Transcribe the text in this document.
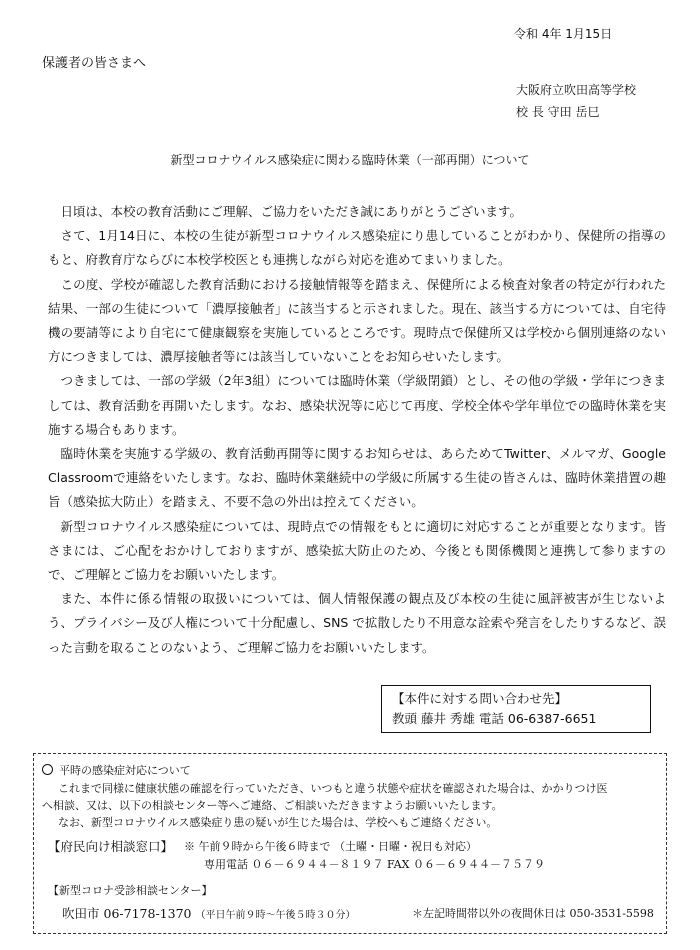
令和 4年 1月15日
保護者の皆さまへ
大阪府立吹田高等学校
校 長 守田 岳巳
新型コロナウイルス感染症に関わる臨時休業（一部再開）について

日頃は、本校の教育活動にご理解、ご協力をいただき誠にありがとうございます。

さて、1月14日に、本校の生徒が新型コロナウイルス感染症にり患していることがわかり、保健所の指導のもと、府教育庁ならびに本校学校医とも連携しながら対応を進めてまいりました。

この度、学校が確認した教育活動における接触情報等を踏まえ、保健所による検査対象者の特定が行われた結果、一部の生徒について「濃厚接触者」に該当すると示されました。現在、該当する方については、自宅待機の要請等により自宅にて健康観察を実施しているところです。現時点で保健所又は学校から個別連絡のない方につきましては、濃厚接触者等には該当していないことをお知らせいたします。

つきましては、一部の学級（2年3組）については臨時休業（学級閉鎖）とし、その他の学級・学年につきましては、教育活動を再開いたします。なお、感染状況等に応じて再度、学校全体や学年単位での臨時休業を実施する場合もあります。

臨時休業を実施する学級の、教育活動再開等に関するお知らせは、あらためてTwitter、メルマガ、Google Classroomで連絡をいたします。なお、臨時休業継続中の学級に所属する生徒の皆さんは、臨時休業措置の趣旨（感染拡大防止）を踏まえ、不要不急の外出は控えてください。

新型コロナウイルス感染症については、現時点での情報をもとに適切に対応することが重要となります。皆さまには、ご心配をおかけしておりますが、感染拡大防止のため、今後とも関係機関と連携して参りますので、ご理解とご協力をお願いいたします。

また、本件に係る情報の取扱いについては、個人情報保護の観点及び本校の生徒に風評被害が生じないよう、プライバシー及び人権について十分配慮し、SNS で拡散したり不用意な詮索や発言をしたりするなど、誤った言動を取ることのないよう、ご理解ご協力をお願いいたします。

【本件に対する問い合わせ先】
教頭 藤井 秀雄 電話 06-6387-6651
平時の感染症対応について
これまで同様に健康状態の確認を行っていただき、いつもと違う状態や症状を確認された場合は、かかりつけ医
へ相談、又は、以下の相談センター等へご連絡、ご相談いただきますようお願いいたします。
なお、新型コロナウイルス感染症り患の疑いが生じた場合は、学校へもご連絡ください。
【府民向け相談窓口】 ※ 午前９時から午後６時まで （土曜・日曜・祝日も対応）
専用電話 ０６－６９４４－８１９７ FAX ０６－６９４４－７５７９
【新型コロナ受診相談センター】
吹田市 06-7178-1370 （平日午前９時～午後５時３０分）	＊左記時間帯以外の夜間休日は 050-3531-5598
